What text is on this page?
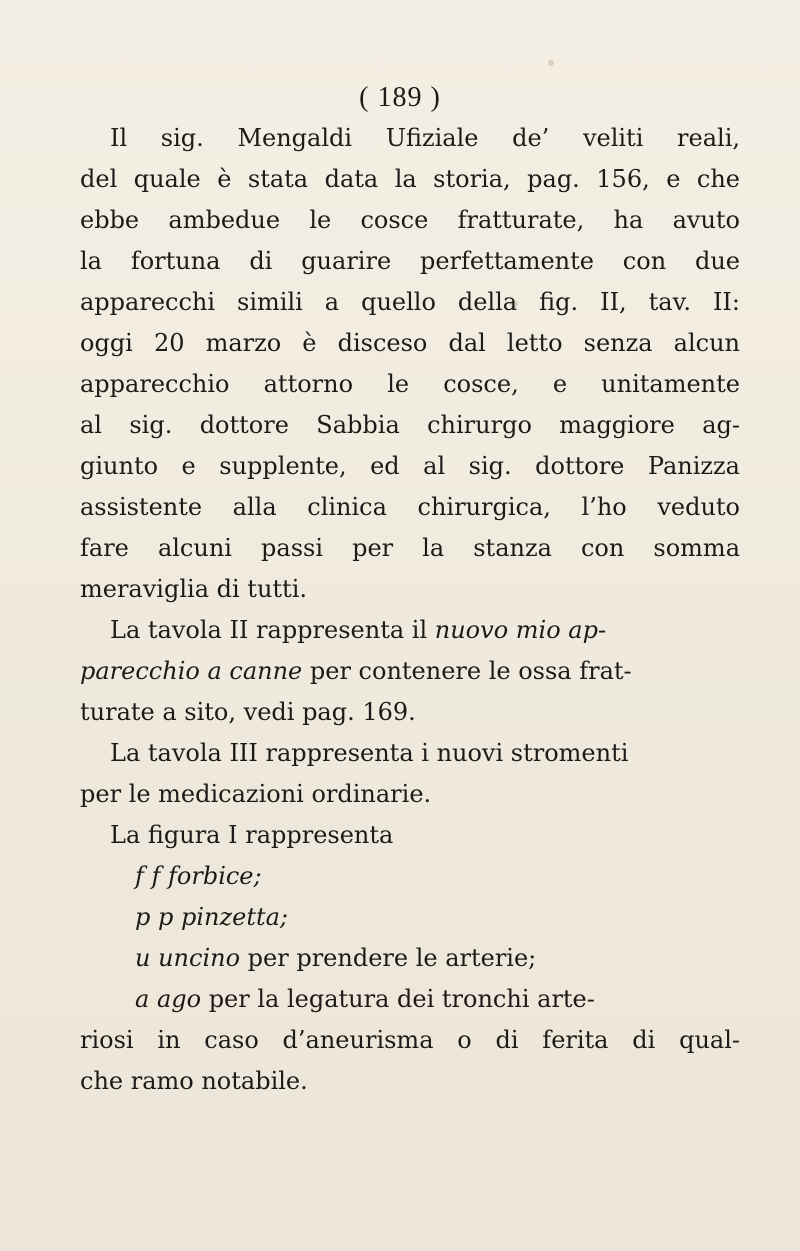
( 189 )
Il sig. Mengaldi Ufiziale de’ veliti reali,
del quale è stata data la storia, pag. 156, e che
ebbe ambedue le cosce fratturate, ha avuto
la fortuna di guarire perfettamente con due
apparecchi simili a quello della fig. II, tav. II:
oggi 20 marzo è disceso dal letto senza alcun
apparecchio attorno le cosce, e unitamente
al sig. dottore Sabbia chirurgo maggiore ag-
giunto e supplente, ed al sig. dottore Panizza
assistente alla clinica chirurgica, l’ho veduto
fare alcuni passi per la stanza con somma
meraviglia di tutti.
La tavola II rappresenta il nuovo mio ap-
parecchio a canne per contenere le ossa frat-
turate a sito, vedi pag. 169.
La tavola III rappresenta i nuovi stromenti
per le medicazioni ordinarie.
La figura I rappresenta
f f forbice;
p p pinzetta;
u uncino per prendere le arterie;
a ago per la legatura dei tronchi arte-
riosi in caso d’aneurisma o di ferita di qual-
che ramo notabile.
